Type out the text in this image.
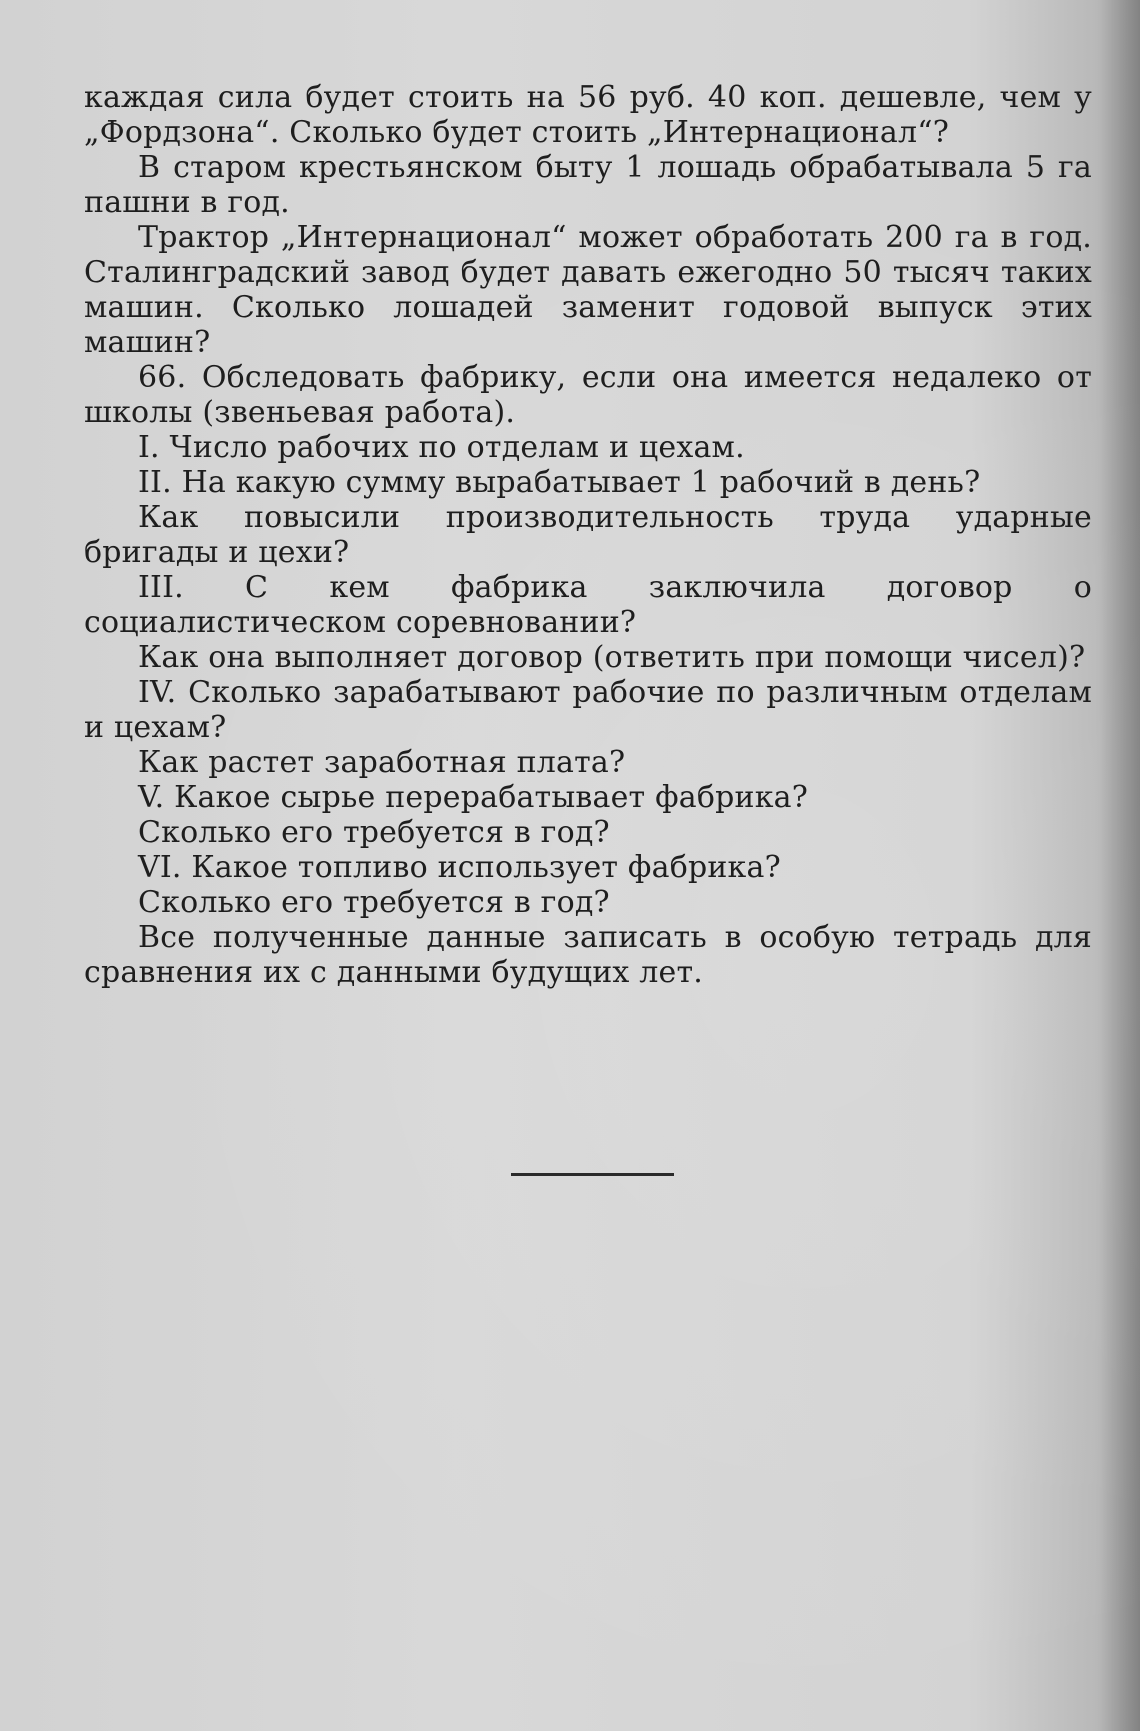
каждая сила будет стоить на 56 руб. 40 коп. дешевле, чем у „Фордзона“. Сколько будет стоить „Интернационал“?

В старом крестьянском быту 1 лошадь обрабатывала 5 га пашни в год.

Трактор „Интернационал“ может обработать 200 га в год. Сталинградский завод будет давать ежегодно 50 тысяч таких машин. Сколько лошадей заменит годовой выпуск этих машин?

66. Обследовать фабрику, если она имеется недалеко от школы (звеньевая работа).

I. Число рабочих по отделам и цехам.

II. На какую сумму вырабатывает 1 рабочий в день?

Как повысили производительность труда ударные бригады и цехи?

III. С кем фабрика заключила договор о социалистическом соревновании?

Как она выполняет договор (ответить при помощи чисел)?

IV. Сколько зарабатывают рабочие по различным отделам и цехам?

Как растет заработная плата?

V. Какое сырье перерабатывает фабрика?

Сколько его требуется в год?

VI. Какое топливо использует фабрика?

Сколько его требуется в год?

Все полученные данные записать в особую тетрадь для сравнения их с данными будущих лет.
